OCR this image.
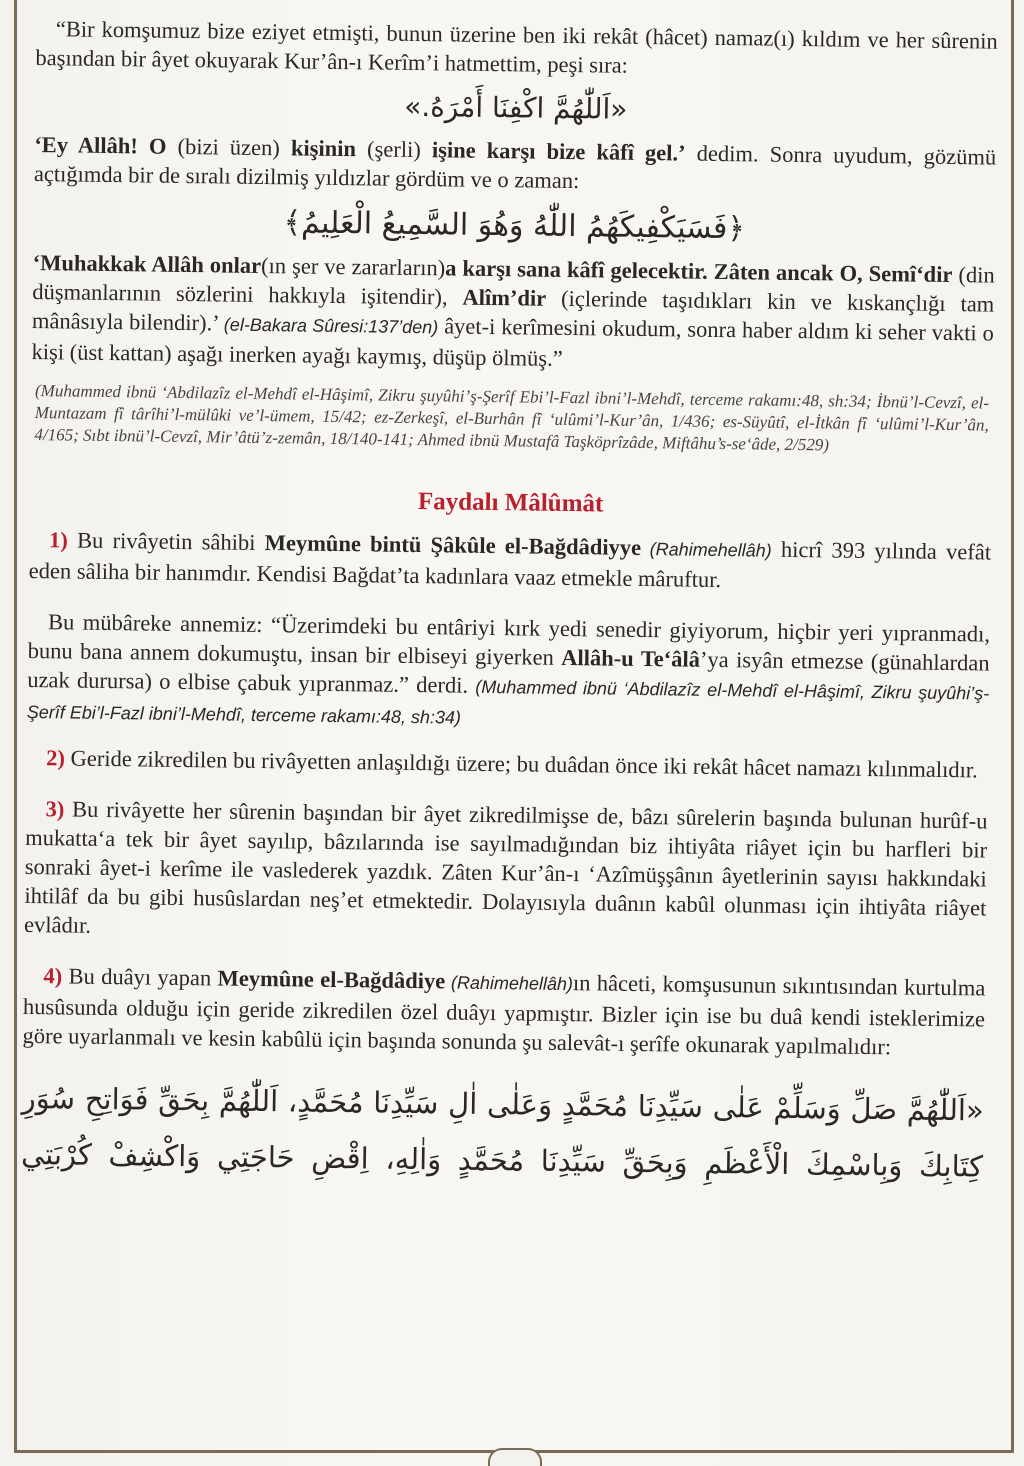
“Bir komşumuz bize eziyet etmişti, bunun üzerine ben iki rekât (hâcet) namaz(ı) kıldım ve her sûrenin başından bir âyet okuyarak Kur’ân-ı Kerîm’i hatmettim, peşi sıra:

«اَللّٰهُمَّ اكْفِنَا أَمْرَهُ.»

‘Ey Allâh! O (bizi üzen) kişinin (şerli) işine karşı bize kâfî gel.’ dedim. Sonra uyudum, gözümü açtığımda bir de sıralı dizilmiş yıldızlar gördüm ve o zaman:

﴿فَسَيَكْفِيكَهُمُ اللّٰهُ وَهُوَ السَّمِيعُ الْعَلِيمُ﴾

‘Muhakkak Allâh onlar(ın şer ve zararların)a karşı sana kâfî gelecektir. Zâten ancak O, Semî‘dir (din düşmanlarının sözlerini hakkıyla işitendir), Alîm’dir (içlerinde taşıdıkları kin ve kıskançlığı tam mânâsıyla bilendir).’ (el-Bakara Sûresi:137’den) âyet-i kerîmesini okudum, sonra haber aldım ki seher vakti o kişi (üst kattan) aşağı inerken ayağı kaymış, düşüp ölmüş.”

(Muhammed ibnü ‘Abdilazîz el-Mehdî el-Hâşimî, Zikru şuyûhi’ş-Şerîf Ebi’l-Fazl ibni’l-Mehdî, terceme rakamı:48, sh:34; İbnü’l-Cevzî, el-Muntazam fî târîhi’l-mülûki ve’l-ümem, 15/42; ez-Zerkeşî, el-Burhân fî ‘ulûmi’l-Kur’ân, 1/436; es-Süyûtî, el-İtkân fî ‘ulûmi’l-Kur’ân, 4/165; Sıbt ibnü’l-Cevzî, Mir’âtü’z-zemân, 18/140-141; Ahmed ibnü Mustafâ Taşköprîzâde, Miftâhu’s-se‘âde, 2/529)

Faydalı Mâlûmât

1) Bu rivâyetin sâhibi Meymûne bintü Şâkûle el-Bağdâdiyye (Rahimehellâh) hicrî 393 yılında vefât eden sâliha bir hanımdır. Kendisi Bağdat’ta kadınlara vaaz etmekle mâruftur.

Bu mübâreke annemiz: “Üzerimdeki bu entâriyi kırk yedi senedir giyiyorum, hiçbir yeri yıpranmadı, bunu bana annem dokumuştu, insan bir elbiseyi giyerken Allâh-u Te‘âlâ’ya isyân etmezse (günahlardan uzak durursa) o elbise çabuk yıpranmaz.” derdi. (Muhammed ibnü ‘Abdilazîz el-Mehdî el-Hâşimî, Zikru şuyûhi’ş-Şerîf Ebi’l-Fazl ibni’l-Mehdî, terceme rakamı:48, sh:34)

2) Geride zikredilen bu rivâyetten anlaşıldığı üzere; bu duâdan önce iki rekât hâcet namazı kılınmalıdır.

3) Bu rivâyette her sûrenin başından bir âyet zikredilmişse de, bâzı sûrelerin başında bulunan hurûf-u mukatta‘a tek bir âyet sayılıp, bâzılarında ise sayılmadığından biz ihtiyâta riâyet için bu harfleri bir sonraki âyet-i kerîme ile vaslederek yazdık. Zâten Kur’ân-ı ‘Azîmüşşânın âyetlerinin sayısı hakkındaki ihtilâf da bu gibi husûslardan neş’et etmektedir. Dolayısıyla duânın kabûl olunması için ihtiyâta riâyet evlâdır.

4) Bu duâyı yapan Meymûne el-Bağdâdiye (Rahimehellâh)ın hâceti, komşusunun sıkıntısından kurtulma husûsunda olduğu için geride zikredilen özel duâyı yapmıştır. Bizler için ise bu duâ kendi isteklerimize göre uyarlanmalı ve kesin kabûlü için başında sonunda şu salevât-ı şerîfe okunarak yapılmalıdır:

«اَللّٰهُمَّ صَلِّ وَسَلِّمْ عَلٰى سَيِّدِنَا مُحَمَّدٍ وَعَلٰى اٰلِ سَيِّدِنَا مُحَمَّدٍ، اَللّٰهُمَّ بِحَقِّ فَوَاتِحِ سُوَرِ كِتَابِكَ وَبِاسْمِكَ الْأَعْظَمِ وَبِحَقِّ سَيِّدِنَا مُحَمَّدٍ وَاٰلِهِ، اِقْضِ حَاجَتِي وَاكْشِفْ كُرْبَتِي
